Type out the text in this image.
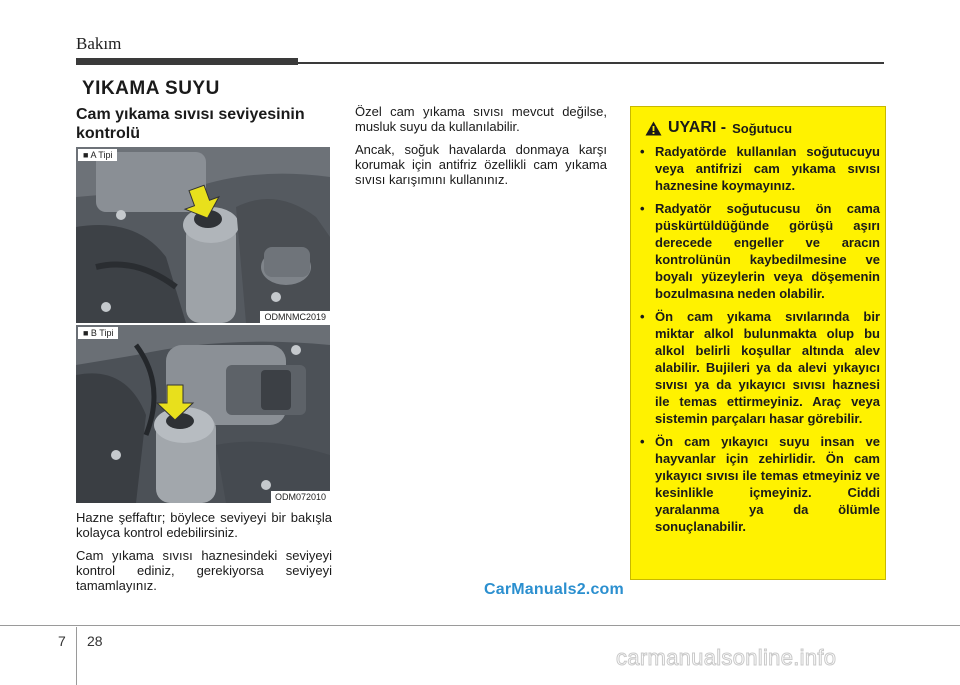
Bakım
YIKAMA SUYU
Cam yıkama sıvısı seviyesinin kontrolü
■ A Tipi
ODMNMC2019
■ B Tipi
ODM072010

Hazne şeffaftır; böylece seviyeyi bir bakışla kolayca kontrol edebilirsiniz.

Cam yıkama sıvısı haznesindeki seviyeyi kontrol ediniz, gerekiyorsa seviyeyi tamamlayınız.

Özel cam yıkama sıvısı mevcut değilse, musluk suyu da kullanılabilir.

Ancak, soğuk havalarda donmaya karşı korumak için antifriz özellikli cam yıkama sıvısı karışımını kullanınız.

UYARI - Soğutucu
• Radyatörde kullanılan soğutucuyu veya antifrizi cam yıkama sıvısı haznesine koymayınız.
• Radyatör soğutucusu ön cama püskürtüldüğünde görüşü aşırı derecede engeller ve aracın kontrolünün kaybedilmesine ve boyalı yüzeylerin veya döşemenin bozulmasına neden olabilir.
• Ön cam yıkama sıvılarında bir miktar alkol bulunmakta olup bu alkol belirli koşullar altında alev alabilir. Bujileri ya da alevi yıkayıcı sıvısı ya da yıkayıcı sıvısı haznesi ile temas ettirmeyiniz. Araç veya sistemin parçaları hasar görebilir.
• Ön cam yıkayıcı suyu insan ve hayvanlar için zehirlidir. Ön cam yıkayıcı sıvısı ile temas etmeyiniz ve kesinlikle içmeyiniz. Ciddi yaralanma ya da ölümle sonuçlanabilir.
CarManuals2.com
7 28
carmanualsonline.info
